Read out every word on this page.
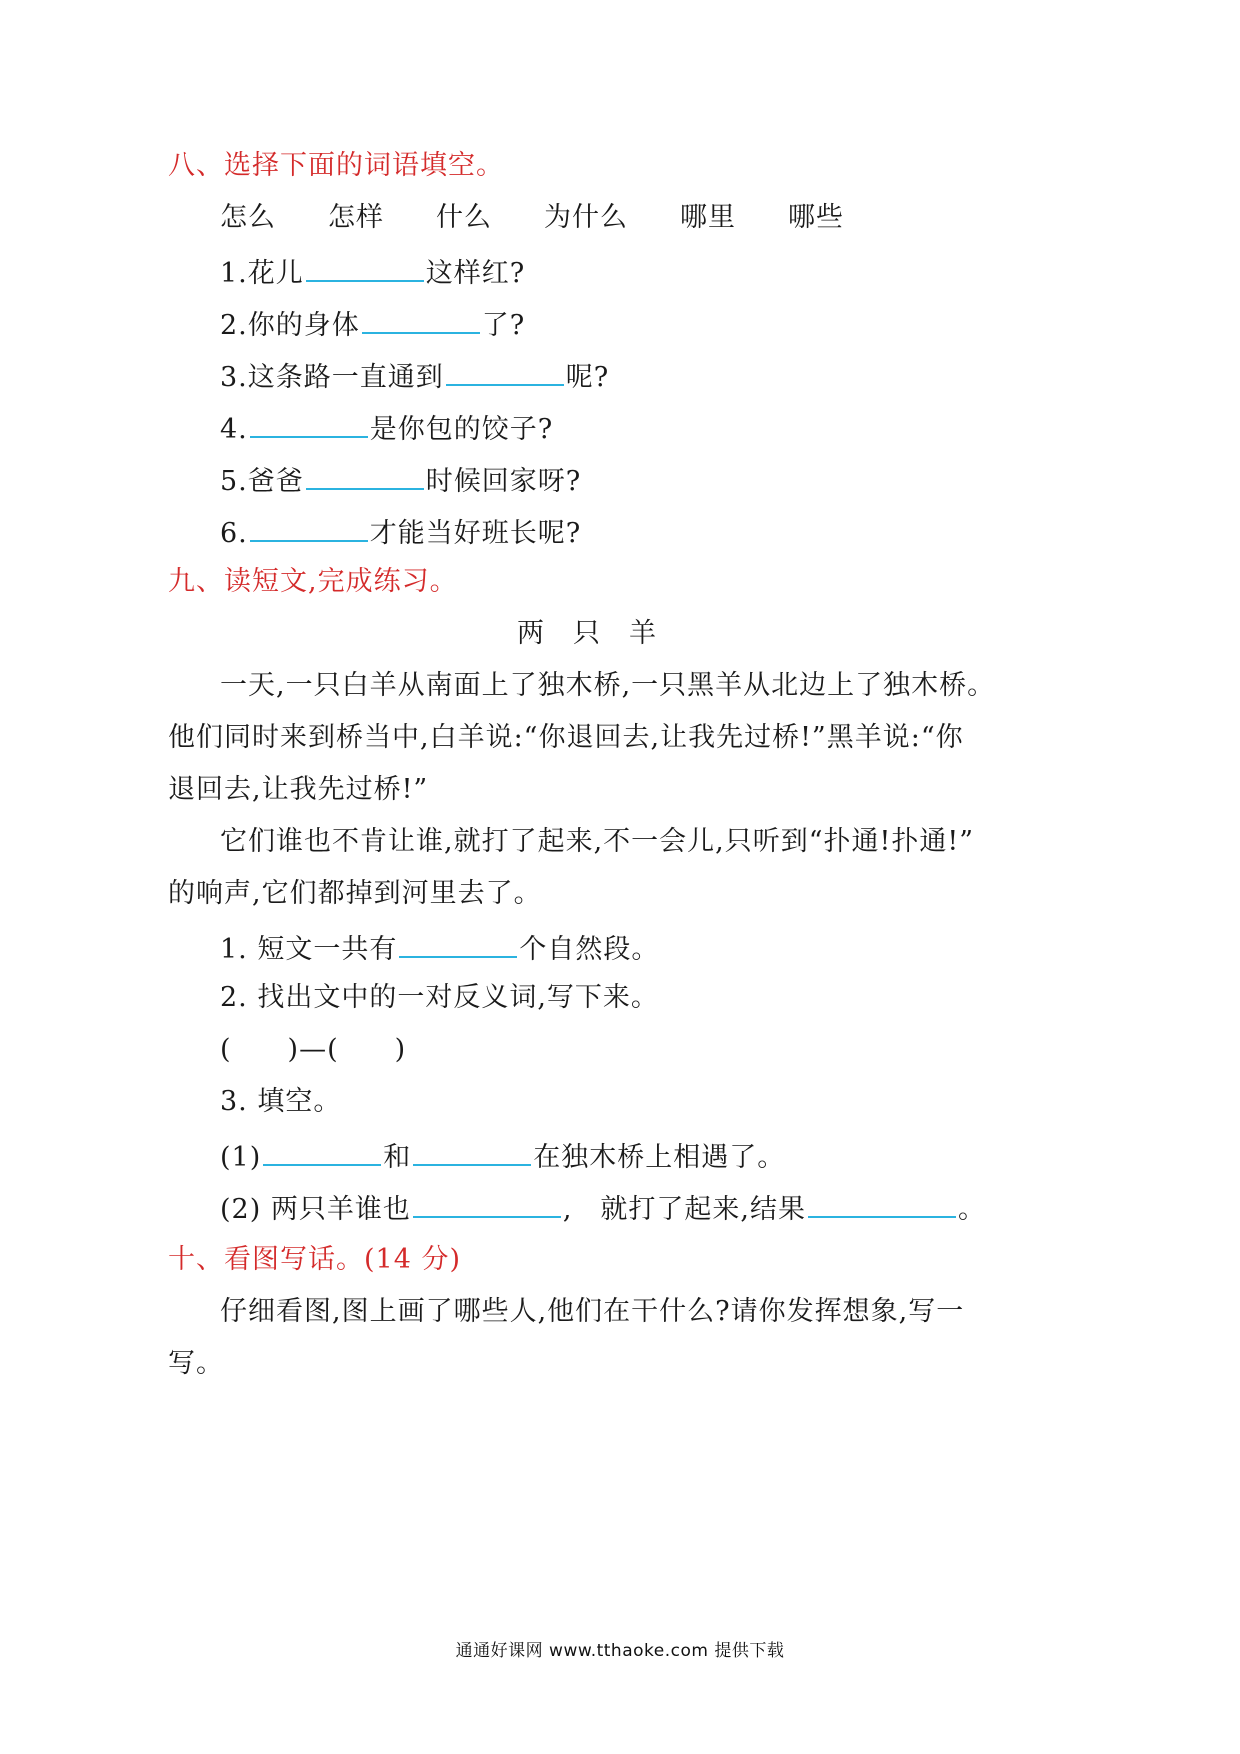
八、选择下面的词语填空。
怎么 怎样 什么 为什么 哪里 哪些
1.花儿	这样红?
2.你的身体	了?
3.这条路一直通到	呢?
4.	是你包的饺子?
5.爸爸	时候回家呀?
6.	才能当好班长呢?
九、读短文,完成练习。
两　只　羊
一天,一只白羊从南面上了独木桥,一只黑羊从北边上了独木桥。
他们同时来到桥当中,白羊说:“你退回去,让我先过桥!”黑羊说:“你
退回去,让我先过桥!”
它们谁也不肯让谁,就打了起来,不一会儿,只听到“扑通!扑通!”
的响声,它们都掉到河里去了。
1. 短文一共有	个自然段。
2. 找出文中的一对反义词,写下来。
(　　)—(　　)
3. 填空。
(1)	和	在独木桥上相遇了。
(2) 两只羊谁也	,　就打了起来,结果	。
十、看图写话。(14 分)
仔细看图,图上画了哪些人,他们在干什么?请你发挥想象,写一
写。
通通好课网 www.tthaoke.com 提供下载
